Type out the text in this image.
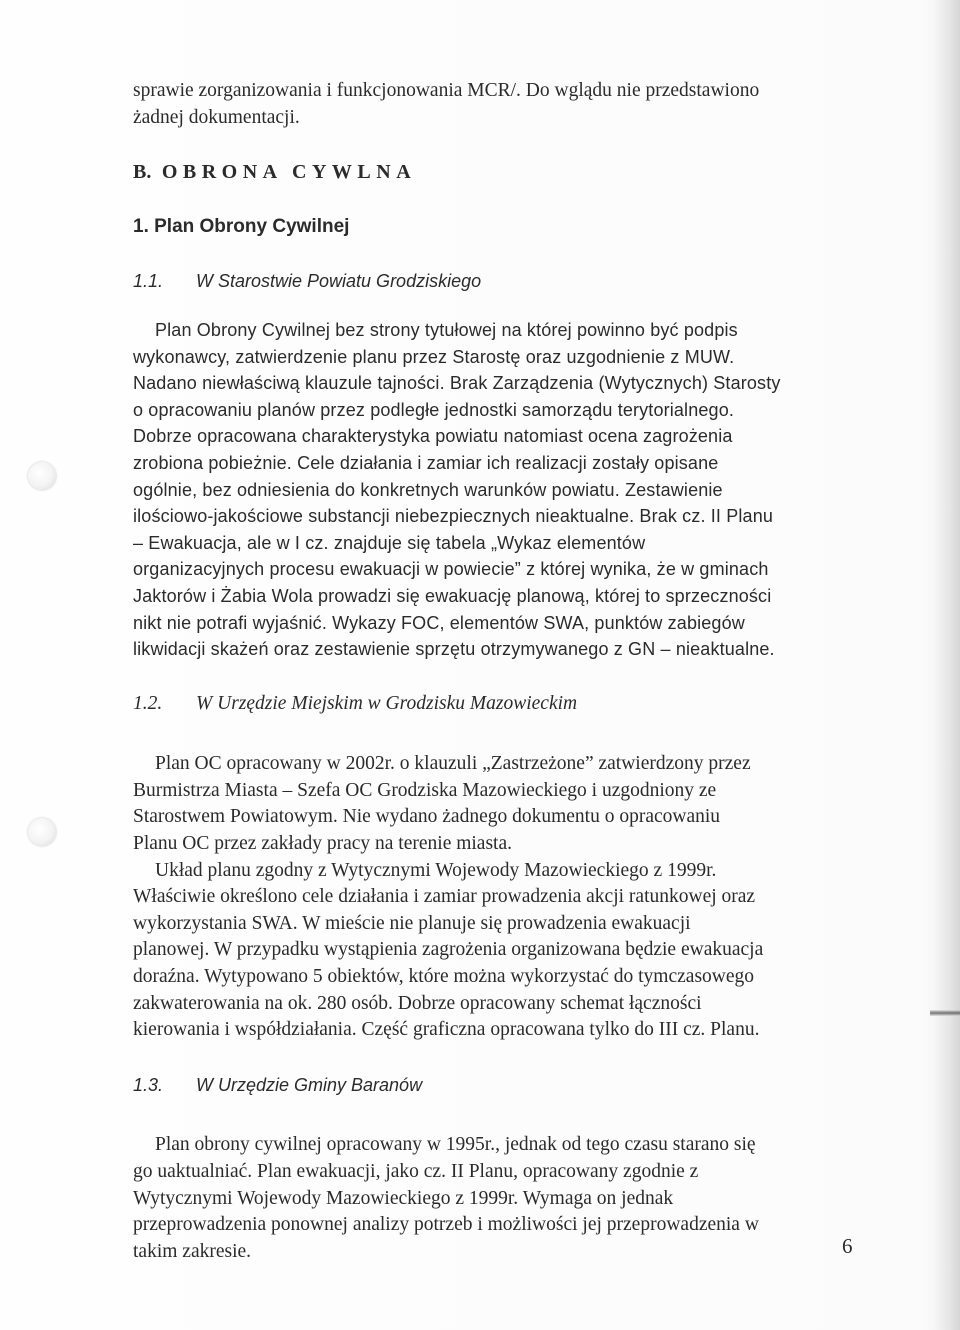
sprawie zorganizowania i funkcjonowania MCR/. Do wglądu nie przedstawiono

żadnej dokumentacji.

B. OBRONA CYWLNA

1. Plan Obrony Cywilnej

1.1.	W Starostwie Powiatu Grodziskiego

Plan Obrony Cywilnej bez strony tytułowej na której powinno być podpis

wykonawcy, zatwierdzenie planu przez Starostę oraz uzgodnienie z MUW.

Nadano niewłaściwą klauzule tajności. Brak Zarządzenia (Wytycznych) Starosty

o opracowaniu planów przez podległe jednostki samorządu terytorialnego.

Dobrze opracowana charakterystyka powiatu natomiast ocena zagrożenia

zrobiona pobieżnie. Cele działania i zamiar ich realizacji zostały opisane

ogólnie, bez odniesienia do konkretnych warunków powiatu. Zestawienie

ilościowo-jakościowe substancji niebezpiecznych nieaktualne. Brak cz. II Planu

– Ewakuacja, ale w I cz. znajduje się tabela „Wykaz elementów

organizacyjnych procesu ewakuacji w powiecie” z której wynika, że w gminach

Jaktorów i Żabia Wola prowadzi się ewakuację planową, której to sprzeczności

nikt nie potrafi wyjaśnić. Wykazy FOC, elementów SWA, punktów zabiegów

likwidacji skażeń oraz zestawienie sprzętu otrzymywanego z GN – nieaktualne.

1.2.	W Urzędzie Miejskim w Grodzisku Mazowieckim

Plan OC opracowany w 2002r. o klauzuli „Zastrzeżone” zatwierdzony przez

Burmistrza Miasta – Szefa OC Grodziska Mazowieckiego i uzgodniony ze

Starostwem Powiatowym. Nie wydano żadnego dokumentu o opracowaniu

Planu OC przez zakłady pracy na terenie miasta.

Układ planu zgodny z Wytycznymi Wojewody Mazowieckiego z 1999r.

Właściwie określono cele działania i zamiar prowadzenia akcji ratunkowej oraz

wykorzystania SWA. W mieście nie planuje się prowadzenia ewakuacji

planowej. W przypadku wystąpienia zagrożenia organizowana będzie ewakuacja

doraźna. Wytypowano 5 obiektów, które można wykorzystać do tymczasowego

zakwaterowania na ok. 280 osób. Dobrze opracowany schemat łączności

kierowania i współdziałania. Część graficzna opracowana tylko do III cz. Planu.

1.3.	W Urzędzie Gminy Baranów

Plan obrony cywilnej opracowany w 1995r., jednak od tego czasu starano się

go uaktualniać. Plan ewakuacji, jako cz. II Planu, opracowany zgodnie z

Wytycznymi Wojewody Mazowieckiego z 1999r. Wymaga on jednak

przeprowadzenia ponownej analizy potrzeb i możliwości jej przeprowadzenia w

takim zakresie.	6
